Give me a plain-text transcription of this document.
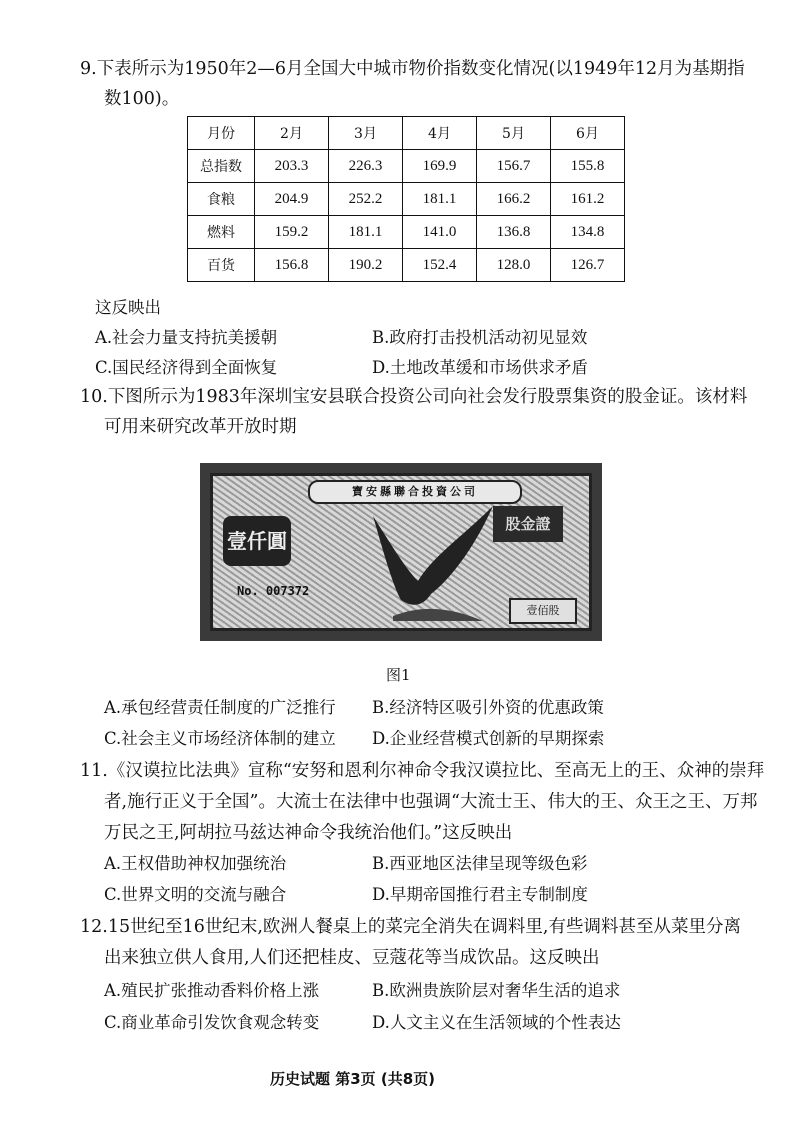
9.下表所示为1950年2—6月全国大中城市物价指数变化情况(以1949年12月为基期指
数100)。
月份	2月	3月	4月	5月	6月
总指数	203.3	226.3	169.9	156.7	155.8
食粮	204.9	252.2	181.1	166.2	161.2
燃料	159.2	181.1	141.0	136.8	134.8
百货	156.8	190.2	152.4	128.0	126.7
这反映出
A.社会力量支持抗美援朝	B.政府打击投机活动初见显效
C.国民经济得到全面恢复	D.土地改革缓和市场供求矛盾
10.下图所示为1983年深圳宝安县联合投资公司向社会发行股票集资的股金证。该材料
可用来研究改革开放时期
寶安縣聯合投資公司
壹仟圓
股金證
No. 007372
壹佰股
图1
A.承包经营责任制度的广泛推行 B.经济特区吸引外资的优惠政策
C.社会主义市场经济体制的建立 D.企业经营模式创新的早期探索
11.《汉谟拉比法典》宣称“安努和恩利尔神命令我汉谟拉比、至高无上的王、众神的崇拜
者,施行正义于全国”。大流士在法律中也强调“大流士王、伟大的王、众王之王、万邦
万民之王,阿胡拉马兹达神命令我统治他们。”这反映出
A.王权借助神权加强统治	B.西亚地区法律呈现等级色彩
C.世界文明的交流与融合	D.早期帝国推行君主专制制度
12.15世纪至16世纪末,欧洲人餐桌上的菜完全消失在调料里,有些调料甚至从菜里分离
出来独立供人食用,人们还把桂皮、豆蔻花等当成饮品。这反映出
A.殖民扩张推动香料价格上涨	B.欧洲贵族阶层对奢华生活的追求
C.商业革命引发饮食观念转变	D.人文主义在生活领域的个性表达
历史试题 第3页 (共8页)
